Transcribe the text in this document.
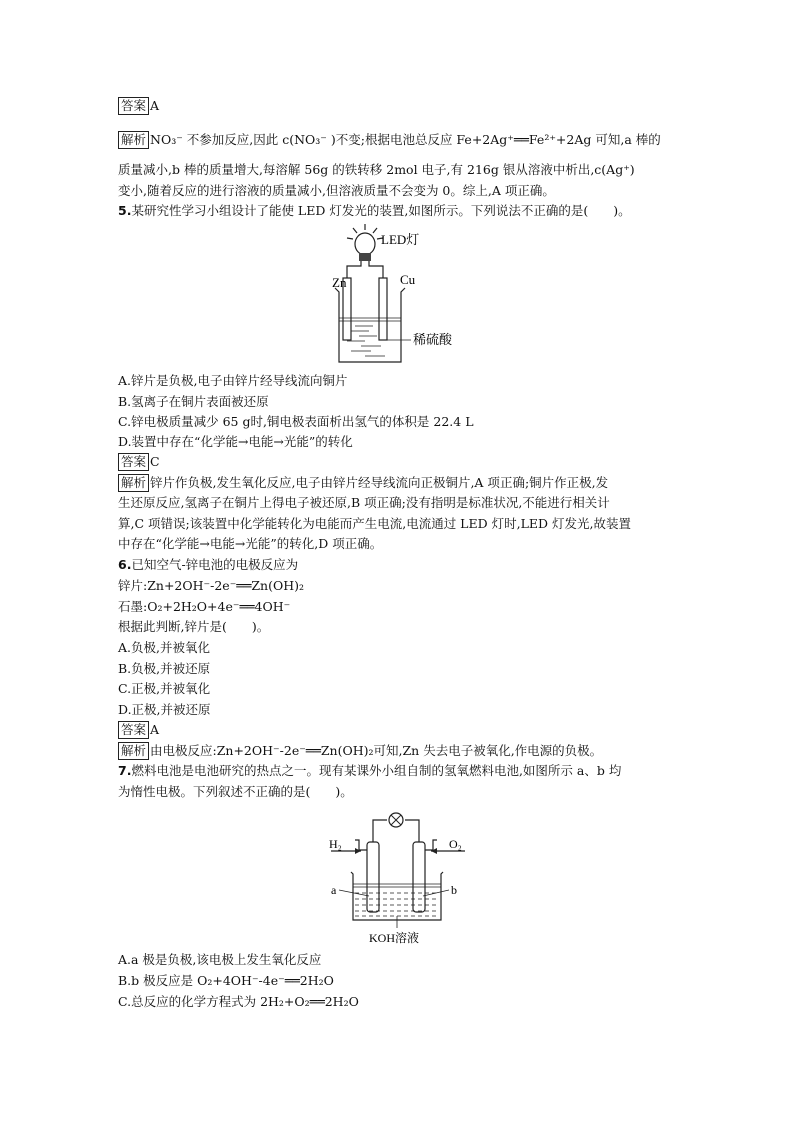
答案 A
解析 NO₃⁻ 不参加反应,因此 c(NO₃⁻ )不变;根据电池总反应 Fe+2Ag⁺══Fe²⁺+2Ag 可知,a 棒的
质量减小,b 棒的质量增大,每溶解 56g 的铁转移 2mol 电子,有 216g 银从溶液中析出,c(Ag⁺)
变小,随着反应的进行溶液的质量减小,但溶液质量不会变为 0。综上,A 项正确。
5.某研究性学习小组设计了能使 LED 灯发光的装置,如图所示。下列说法不正确的是(　　)。
LED灯
Zn	Cu
稀硫酸
A.锌片是负极,电子由锌片经导线流向铜片
B.氢离子在铜片表面被还原
C.锌电极质量减少 65 g时,铜电极表面析出氢气的体积是 22.4 L
D.装置中存在“化学能→电能→光能”的转化
答案 C
解析 锌片作负极,发生氧化反应,电子由锌片经导线流向正极铜片,A 项正确;铜片作正极,发
生还原反应,氢离子在铜片上得电子被还原,B 项正确;没有指明是标准状况,不能进行相关计
算,C 项错误;该装置中化学能转化为电能而产生电流,电流通过 LED 灯时,LED 灯发光,故装置
中存在“化学能→电能→光能”的转化,D 项正确。
6.已知空气-锌电池的电极反应为
锌片:Zn+2OH⁻-2e⁻══Zn(OH)₂
石墨:O₂+2H₂O+4e⁻══4OH⁻
根据此判断,锌片是(　　)。
A.负极,并被氧化
B.负极,并被还原
C.正极,并被氧化
D.正极,并被还原
答案 A
解析 由电极反应:Zn+2OH⁻-2e⁻══Zn(OH)₂可知,Zn 失去电子被氧化,作电源的负极。
7.燃料电池是电池研究的热点之一。现有某课外小组自制的氢氧燃料电池,如图所示 a、b 均
为惰性电极。下列叙述不正确的是(　　)。
H₂	O₂
a	b
KOH溶液
A.a 极是负极,该电极上发生氧化反应
B.b 极反应是 O₂+4OH⁻-4e⁻══2H₂O
C.总反应的化学方程式为 2H₂+O₂══2H₂O
